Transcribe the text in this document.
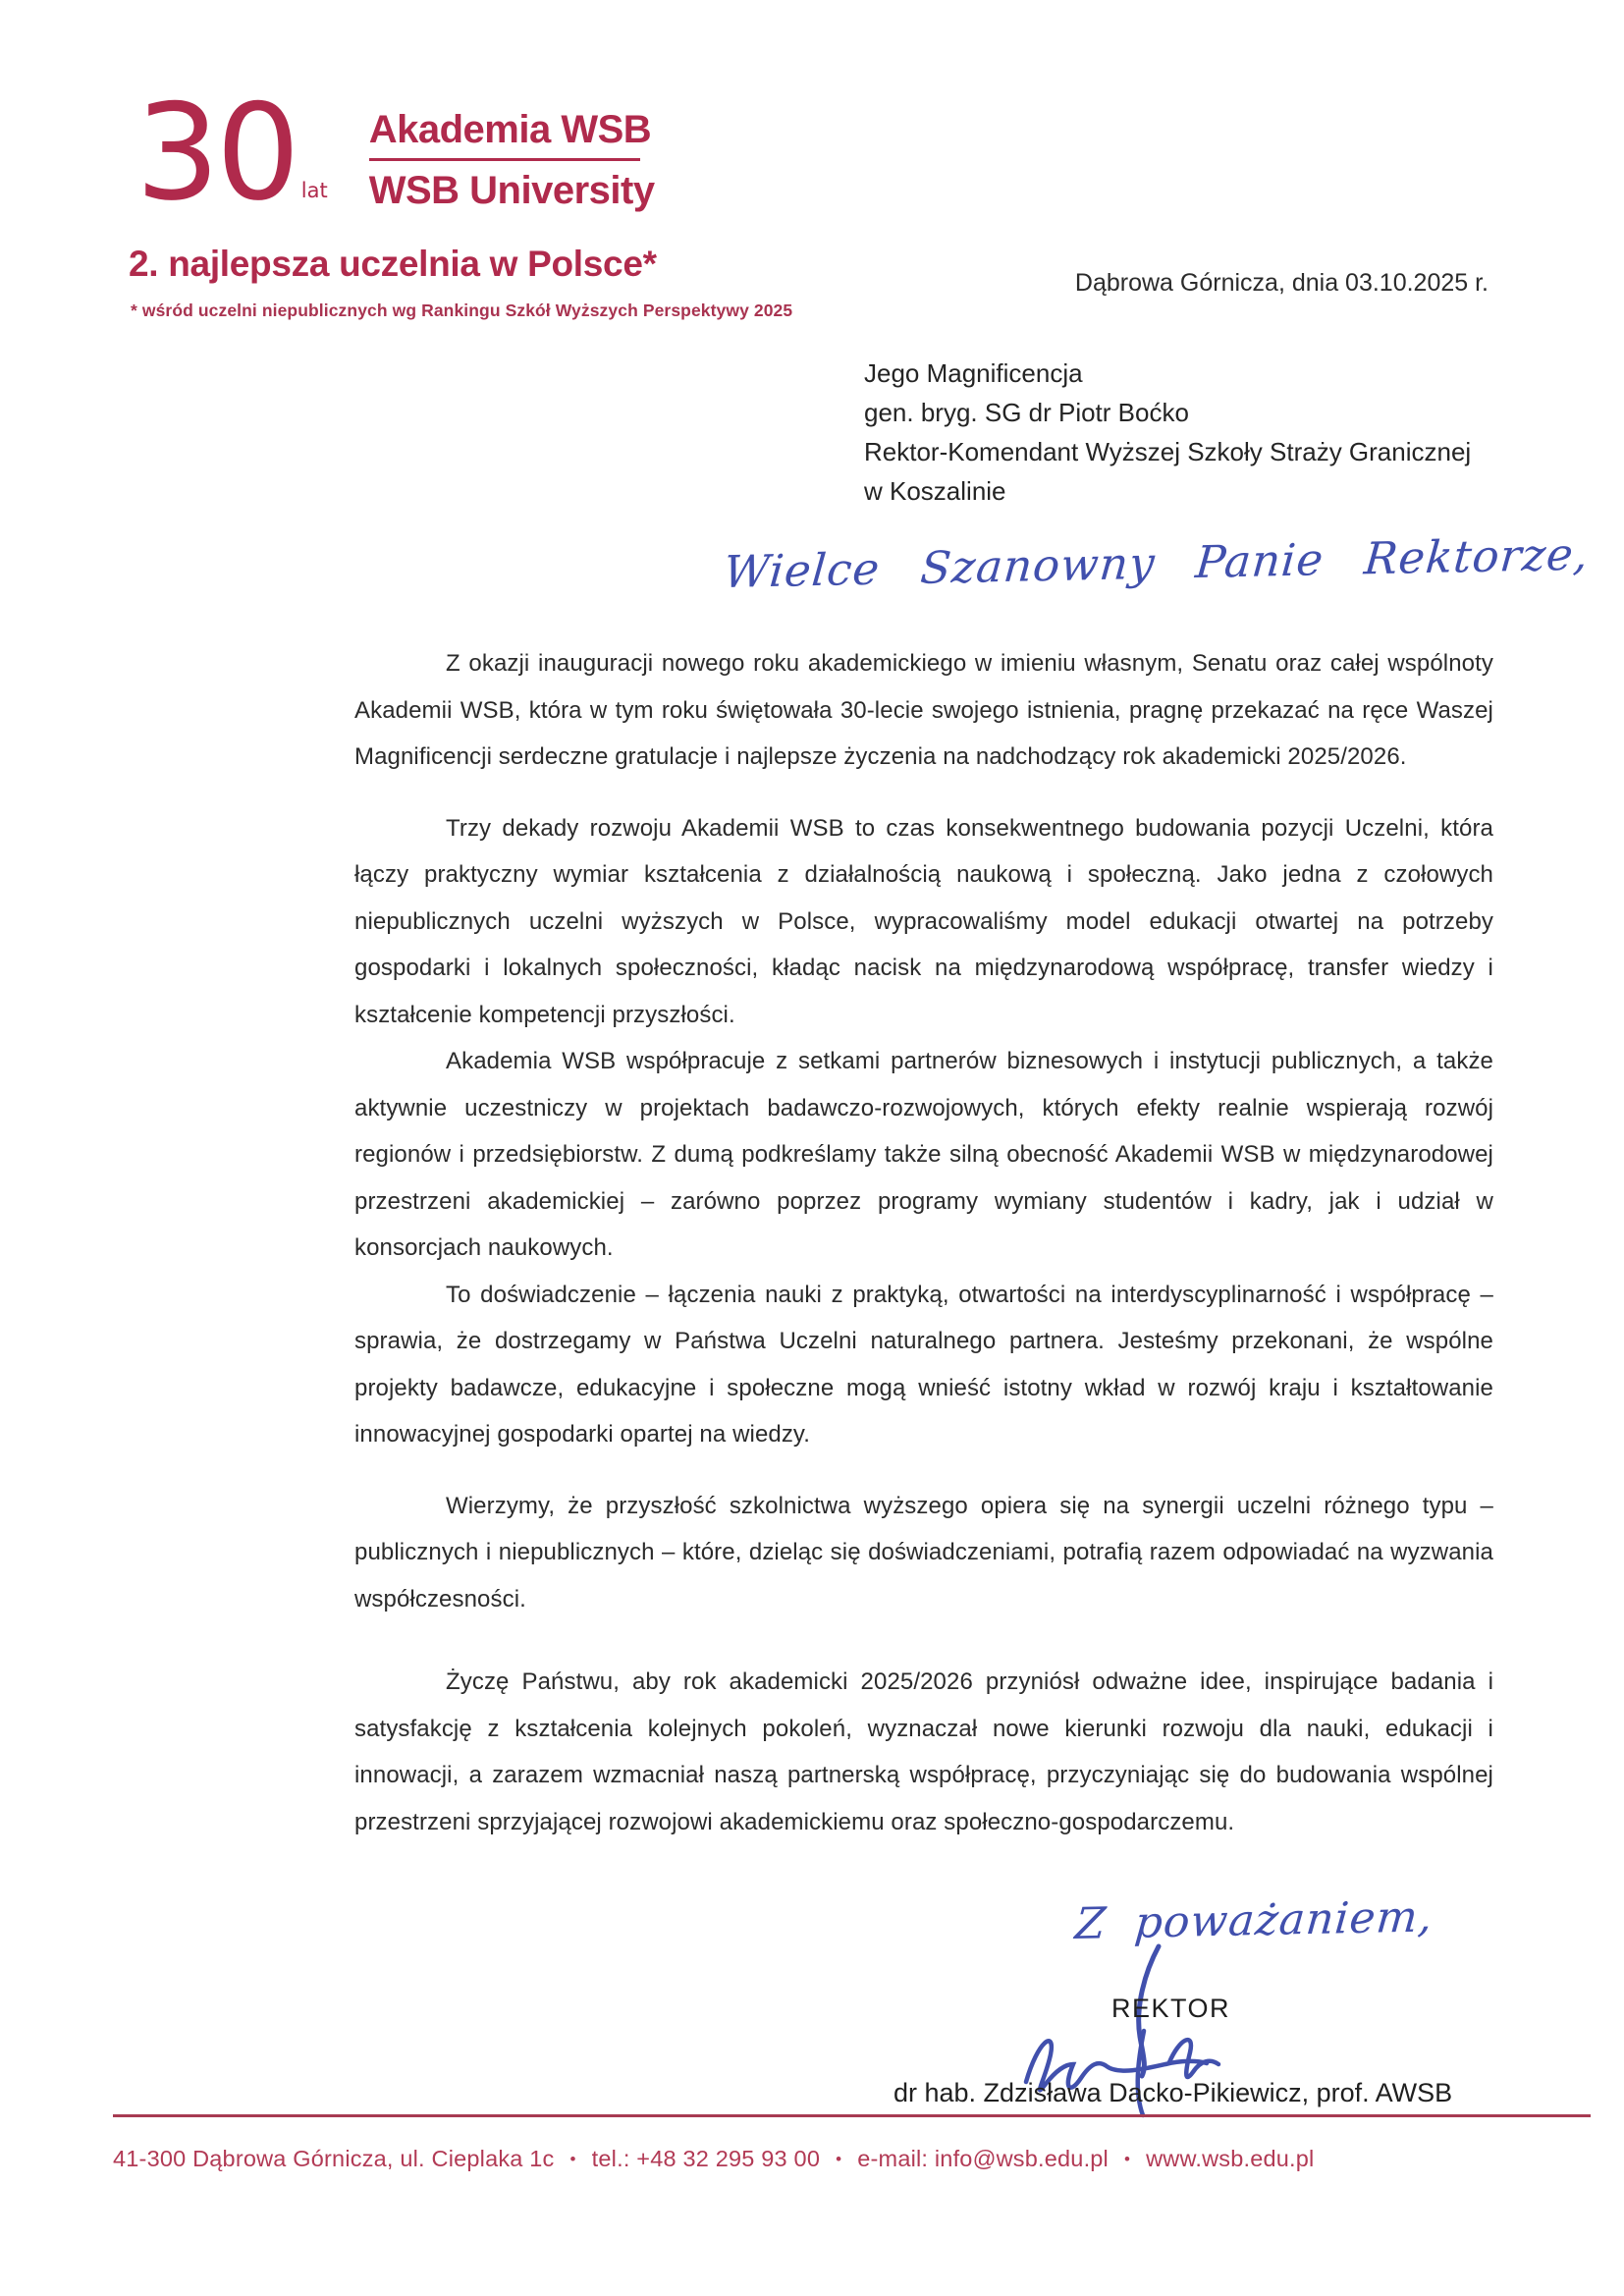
30 lat
Akademia WSB
WSB University
2. najlepsza uczelnia w Polsce*
* wśród uczelni niepublicznych wg Rankingu Szkół Wyższych Perspektywy 2025
Dąbrowa Górnicza, dnia 03.10.2025 r.
Jego Magnificencja
gen. bryg. SG dr Piotr Boćko
Rektor-Komendant Wyższej Szkoły Straży Granicznej
w Koszalinie
Wielce Szanowny Panie Rektorze,

Z okazji inauguracji nowego roku akademickiego w imieniu własnym, Senatu oraz całej wspólnoty Akademii WSB, która w tym roku świętowała 30-lecie swojego istnienia, pragnę przekazać na ręce Waszej Magnificencji serdeczne gratulacje i najlepsze życzenia na nadchodzący rok akademicki 2025/2026.

Trzy dekady rozwoju Akademii WSB to czas konsekwentnego budowania pozycji Uczelni, która łączy praktyczny wymiar kształcenia z działalnością naukową i społeczną. Jako jedna z czołowych niepublicznych uczelni wyższych w Polsce, wypracowaliśmy model edukacji otwartej na potrzeby gospodarki i lokalnych społeczności, kładąc nacisk na międzynarodową współpracę, transfer wiedzy i kształcenie kompetencji przyszłości.

Akademia WSB współpracuje z setkami partnerów biznesowych i instytucji publicznych, a także aktywnie uczestniczy w projektach badawczo-rozwojowych, których efekty realnie wspierają rozwój regionów i przedsiębiorstw. Z dumą podkreślamy także silną obecność Akademii WSB w międzynarodowej przestrzeni akademickiej – zarówno poprzez programy wymiany studentów i kadry, jak i udział w konsorcjach naukowych.

To doświadczenie – łączenia nauki z praktyką, otwartości na interdyscyplinarność i współpracę – sprawia, że dostrzegamy w Państwa Uczelni naturalnego partnera. Jesteśmy przekonani, że wspólne projekty badawcze, edukacyjne i społeczne mogą wnieść istotny wkład w rozwój kraju i kształtowanie innowacyjnej gospodarki opartej na wiedzy.

Wierzymy, że przyszłość szkolnictwa wyższego opiera się na synergii uczelni różnego typu – publicznych i niepublicznych – które, dzieląc się doświadczeniami, potrafią razem odpowiadać na wyzwania współczesności.

Życzę Państwu, aby rok akademicki 2025/2026 przyniósł odważne idee, inspirujące badania i satysfakcję z kształcenia kolejnych pokoleń, wyznaczał nowe kierunki rozwoju dla nauki, edukacji i innowacji, a zarazem wzmacniał naszą partnerską współpracę, przyczyniając się do budowania wspólnej przestrzeni sprzyjającej rozwojowi akademickiemu oraz społeczno-gospodarczemu.

Z poważaniem,
REKTOR
dr hab. Zdzisława Dacko-Pikiewicz, prof. AWSB
41-300 Dąbrowa Górnicza, ul. Cieplaka 1c • tel.: +48 32 295 93 00 • e-mail: info@wsb.edu.pl • www.wsb.edu.pl
